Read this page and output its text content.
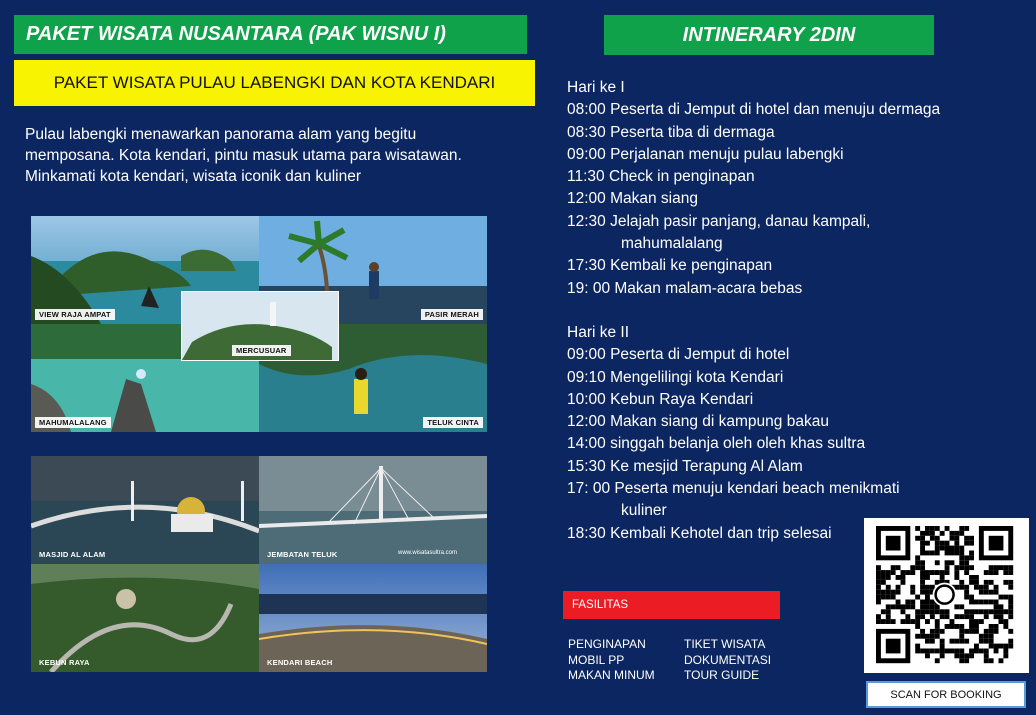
PAKET WISATA NUSANTARA (PAK WISNU I)	INTINERARY 2DIN
PAKET WISATA PULAU LABENGKI DAN KOTA KENDARI
Pulau labengki menawarkan panorama alam yang begitu
memposana. Kota kendari, pintu masuk utama para wisatawan.
Minkamati kota kendari, wisata iconik dan kuliner
VIEW RAJA AMPAT	PASIR MERAH
MAHUMALALANG	TELUK CINTA
MERCUSUAR
MASJID AL ALAM	JEMBATAN TELUK	www.wisatasultra.com
KEBUN RAYA	KENDARI BEACH
Hari ke I
08:00 Peserta di Jemput di hotel dan menuju dermaga
08:30 Peserta tiba di dermaga
09:00 Perjalanan menuju pulau labengki
11:30 Check in penginapan
12:00 Makan siang
12:30 Jelajah pasir panjang, danau kampali,
mahumalalang
17:30 Kembali ke penginapan
19: 00 Makan malam-acara bebas
Hari ke II
09:00 Peserta di Jemput di hotel
09:10 Mengelilingi kota Kendari
10:00 Kebun Raya Kendari
12:00 Makan siang di kampung bakau
14:00 singgah belanja oleh oleh khas sultra
15:30 Ke mesjid Terapung Al Alam
17: 00 Peserta menuju kendari beach menikmati
kuliner
18:30 Kembali Kehotel dan trip selesai
FASILITAS
PENGINAPAN	TIKET WISATA
MOBIL PP	DOKUMENTASI
MAKAN MINUM	TOUR GUIDE
SCAN FOR BOOKING
